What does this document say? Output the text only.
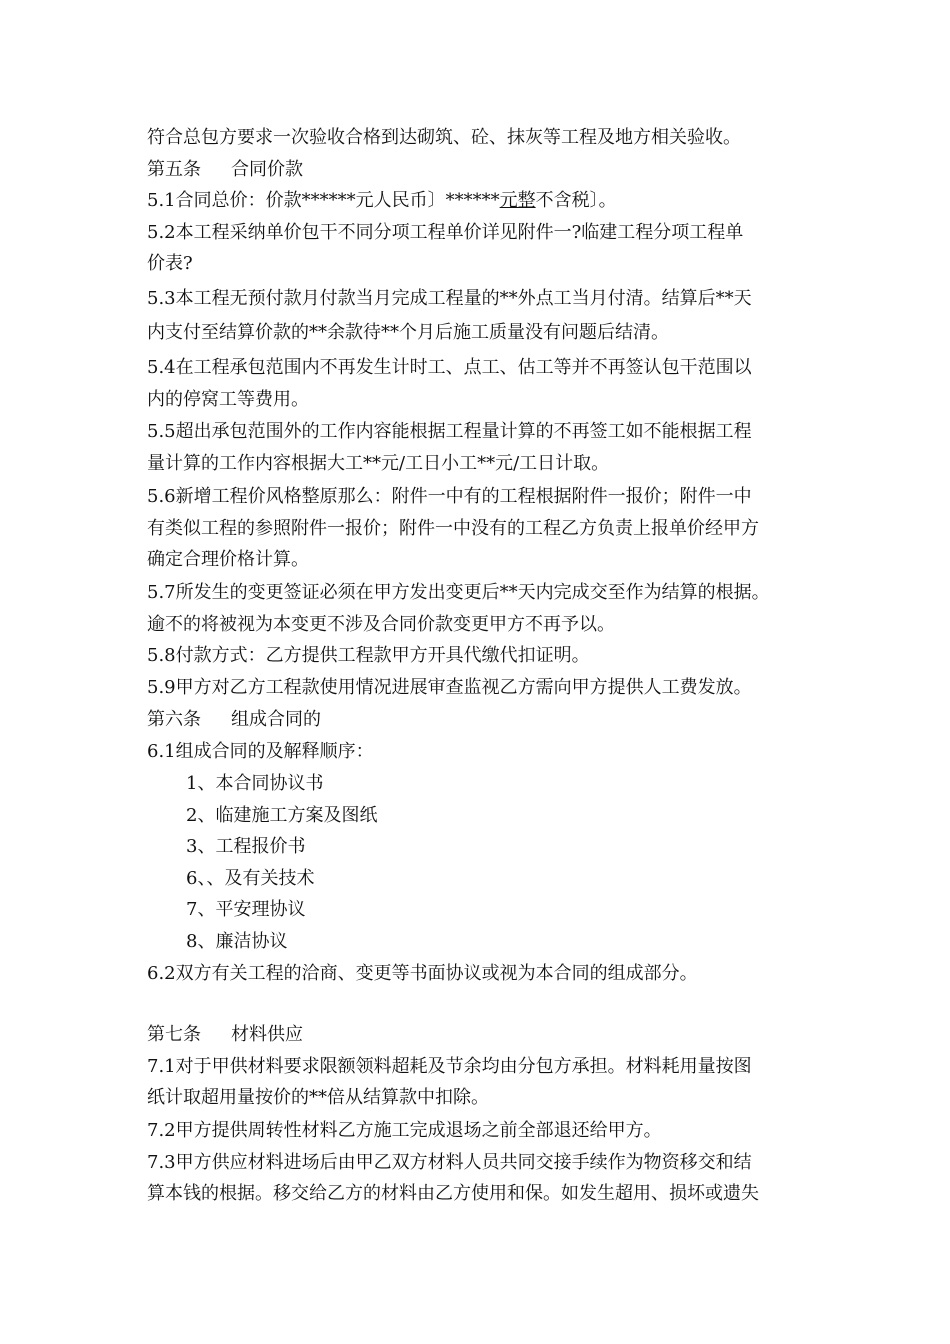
符合总包方要求一次验收合格到达砌筑、砼、抹灰等工程及地方相关验收。
第五条 合同价款
5.1合同总价：价款******元人民币〕******元整不含税〕。
5.2本工程采纳单价包干不同分项工程单价详见附件一?临建工程分项工程单
价表?
5.3本工程无预付款月付款当月完成工程量的**外点工当月付清。结算后**天
内支付至结算价款的**余款待**个月后施工质量没有问题后结清。
5.4在工程承包范围内不再发生计时工、点工、估工等并不再签认包干范围以
内的停窝工等费用。
5.5超出承包范围外的工作内容能根据工程量计算的不再签工如不能根据工程
量计算的工作内容根据大工**元/工日小工**元/工日计取。
5.6新增工程价风格整原那么：附件一中有的工程根据附件一报价；附件一中
有类似工程的参照附件一报价；附件一中没有的工程乙方负责上报单价经甲方
确定合理价格计算。
5.7所发生的变更签证必须在甲方发出变更后**天内完成交至作为结算的根据。
逾不的将被视为本变更不涉及合同价款变更甲方不再予以。
5.8付款方式：乙方提供工程款甲方开具代缴代扣证明。
5.9甲方对乙方工程款使用情况进展审查监视乙方需向甲方提供人工费发放。
第六条 组成合同的
6.1组成合同的及解释顺序：
1、本合同协议书
2、临建施工方案及图纸
3、工程报价书
6、、及有关技术
7、平安理协议
8、廉洁协议
6.2双方有关工程的洽商、变更等书面协议或视为本合同的组成部分。
第七条 材料供应
7.1对于甲供材料要求限额领料超耗及节余均由分包方承担。材料耗用量按图
纸计取超用量按价的**倍从结算款中扣除。
7.2甲方提供周转性材料乙方施工完成退场之前全部退还给甲方。
7.3甲方供应材料进场后由甲乙双方材料人员共同交接手续作为物资移交和结
算本钱的根据。移交给乙方的材料由乙方使用和保。如发生超用、损坏或遗失
